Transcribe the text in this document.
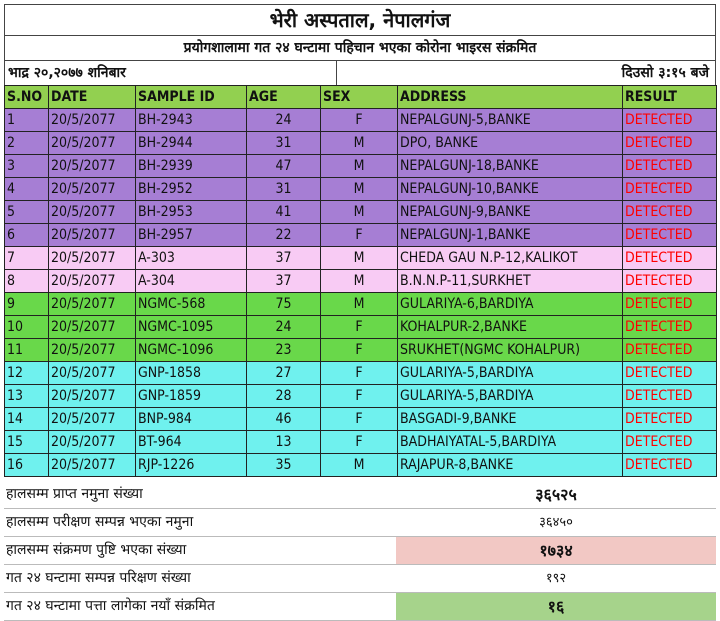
भेरी अस्पताल, नेपालगंज
प्रयोगशालामा गत २४ घन्टामा पहिचान भएका कोरोना भाइरस संक्रमित
भाद्र २०,२०७७ शनिबार	दिउसो ३:१५ बजे
S.NO	DATE	SAMPLE ID	AGE	SEX	ADDRESS	RESULT
1	20/5/2077	BH-2943	24	F	NEPALGUNJ-5,BANKE	DETECTED
2	20/5/2077	BH-2944	31	M	DPO, BANKE	DETECTED
3	20/5/2077	BH-2939	47	M	NEPALGUNJ-18,BANKE	DETECTED
4	20/5/2077	BH-2952	31	M	NEPALGUNJ-10,BANKE	DETECTED
5	20/5/2077	BH-2953	41	M	NEPALGUNJ-9,BANKE	DETECTED
6	20/5/2077	BH-2957	22	F	NEPALGUNJ-1,BANKE	DETECTED
7	20/5/2077	A-303	37	M	CHEDA GAU N.P-12,KALIKOT	DETECTED
8	20/5/2077	A-304	37	M	B.N.N.P-11,SURKHET	DETECTED
9	20/5/2077	NGMC-568	75	M	GULARIYA-6,BARDIYA	DETECTED
10	20/5/2077	NGMC-1095	24	F	KOHALPUR-2,BANKE	DETECTED
11	20/5/2077	NGMC-1096	23	F	SRUKHET(NGMC KOHALPUR)	DETECTED
12	20/5/2077	GNP-1858	27	F	GULARIYA-5,BARDIYA	DETECTED
13	20/5/2077	GNP-1859	28	F	GULARIYA-5,BARDIYA	DETECTED
14	20/5/2077	BNP-984	46	F	BASGADI-9,BANKE	DETECTED
15	20/5/2077	BT-964	13	F	BADHAIYATAL-5,BARDIYA	DETECTED
16	20/5/2077	RJP-1226	35	M	RAJAPUR-8,BANKE	DETECTED
हालसम्म प्राप्त नमुना संख्या	३६५२५
हालसम्म परीक्षण सम्पन्न भएका नमुना	३६४५०
हालसम्म संक्रमण पुष्टि भएका संख्या	१७३४
गत २४ घन्टामा सम्पन्न परिक्षण संख्या	१९२
गत २४ घन्टामा पत्ता लागेका नयाँ संक्रमित	१६
